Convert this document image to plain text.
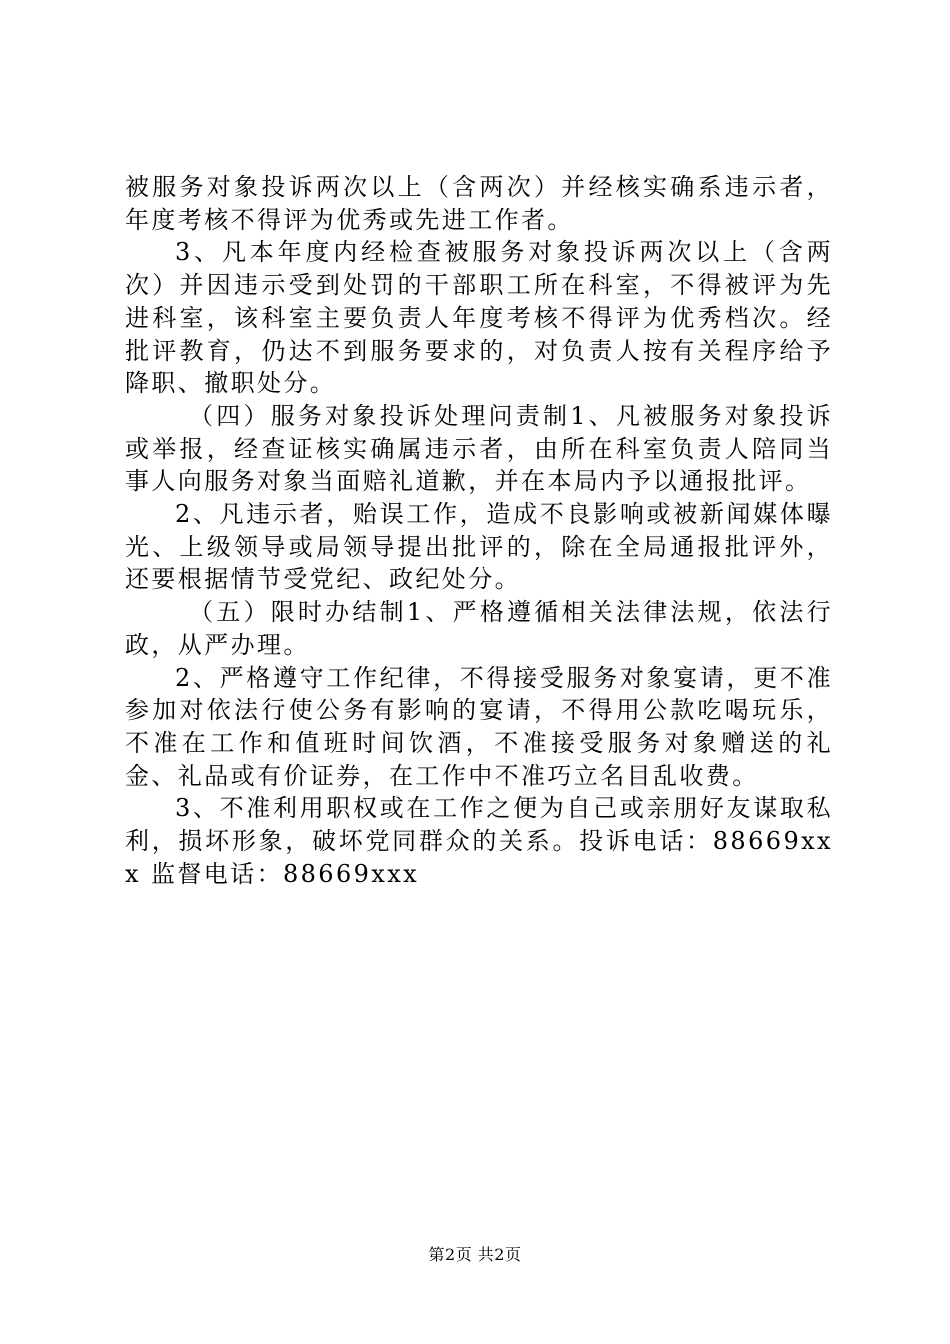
被服务对象投诉两次以上（含两次）并经核实确系违示者，年度考核不得评为优秀或先进工作者。

3、凡本年度内经检查被服务对象投诉两次以上（含两次）并因违示受到处罚的干部职工所在科室，不得被评为先进科室，该科室主要负责人年度考核不得评为优秀档次。经批评教育，仍达不到服务要求的，对负责人按有关程序给予降职、撤职处分。

（四）服务对象投诉处理问责制1、凡被服务对象投诉或举报，经查证核实确属违示者，由所在科室负责人陪同当事人向服务对象当面赔礼道歉，并在本局内予以通报批评。

2、凡违示者，贻误工作，造成不良影响或被新闻媒体曝光、上级领导或局领导提出批评的，除在全局通报批评外，还要根据情节受党纪、政纪处分。

（五）限时办结制1、严格遵循相关法律法规，依法行政，从严办理。

2、严格遵守工作纪律，不得接受服务对象宴请，更不准参加对依法行使公务有影响的宴请，不得用公款吃喝玩乐，不准在工作和值班时间饮酒，不准接受服务对象赠送的礼金、礼品或有价证券，在工作中不准巧立名目乱收费。

3、不准利用职权或在工作之便为自己或亲朋好友谋取私利，损坏形象，破坏党同群众的关系。投诉电话：88669xxx 监督电话：88669xxx

第2页 共2页
